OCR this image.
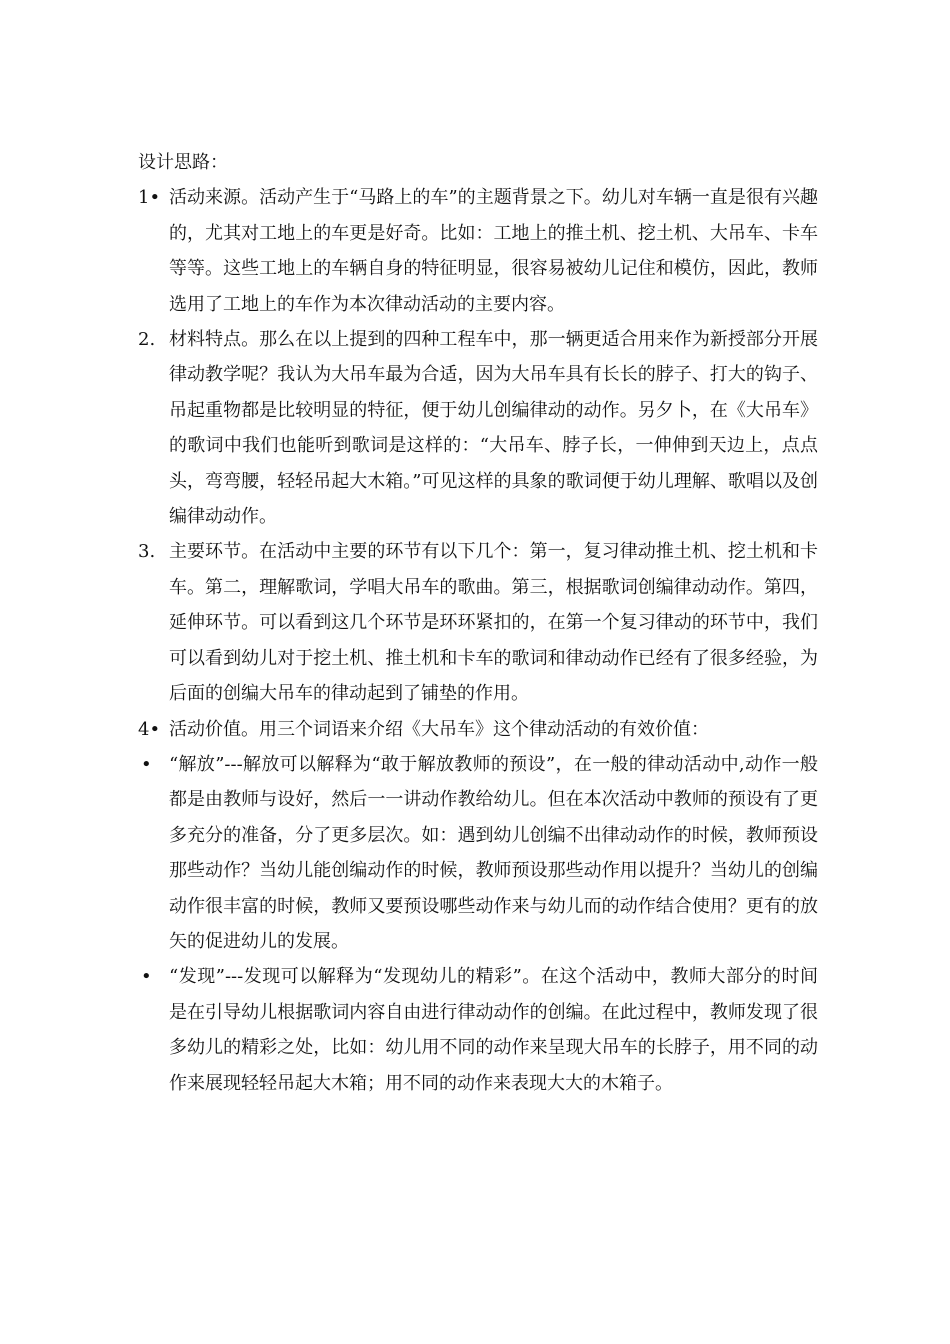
设计思路：

1• 活动来源。活动产生于“马路上的车”的主题背景之下。幼儿对车辆一直是很有兴趣的，尤其对工地上的车更是好奇。比如：工地上的推土机、挖土机、大吊车、卡车等等。这些工地上的车辆自身的特征明显，很容易被幼儿记住和模仿，因此，教师选用了工地上的车作为本次律动活动的主要内容。
2. 材料特点。那么在以上提到的四种工程车中，那一辆更适合用来作为新授部分开展律动教学呢？我认为大吊车最为合适，因为大吊车具有长长的脖子、打大的钩子、吊起重物都是比较明显的特征，便于幼儿创编律动的动作。另夕卜，在《大吊车》的歌词中我们也能听到歌词是这样的：“大吊车、脖子长，一伸伸到天边上，点点头，弯弯腰，轻轻吊起大木箱。”可见这样的具象的歌词便于幼儿理解、歌唱以及创编律动动作。
3. 主要环节。在活动中主要的环节有以下几个：第一，复习律动推土机、挖土机和卡车。第二，理解歌词，学唱大吊车的歌曲。第三，根据歌词创编律动动作。第四，延伸环节。可以看到这几个环节是环环紧扣的，在第一个复习律动的环节中，我们可以看到幼儿对于挖土机、推土机和卡车的歌词和律动动作已经有了很多经验，为后面的创编大吊车的律动起到了铺垫的作用。
4• 活动价值。用三个词语来介绍《大吊车》这个律动活动的有效价值：
• “解放”---解放可以解释为“敢于解放教师的预设”，在一般的律动活动中,动作一般都是由教师与设好，然后一一讲动作教给幼儿。但在本次活动中教师的预设有了更多充分的准备，分了更多层次。如：遇到幼儿创编不出律动动作的时候，教师预设那些动作？当幼儿能创编动作的时候，教师预设那些动作用以提升？当幼儿的创编动作很丰富的时候，教师又要预设哪些动作来与幼儿而的动作结合使用？更有的放矢的促进幼儿的发展。
• “发现”---发现可以解释为“发现幼儿的精彩”。在这个活动中，教师大部分的时间是在引导幼儿根据歌词内容自由进行律动动作的创编。在此过程中，教师发现了很多幼儿的精彩之处，比如：幼儿用不同的动作来呈现大吊车的长脖子，用不同的动作来展现轻轻吊起大木箱；用不同的动作来表现大大的木箱子。
